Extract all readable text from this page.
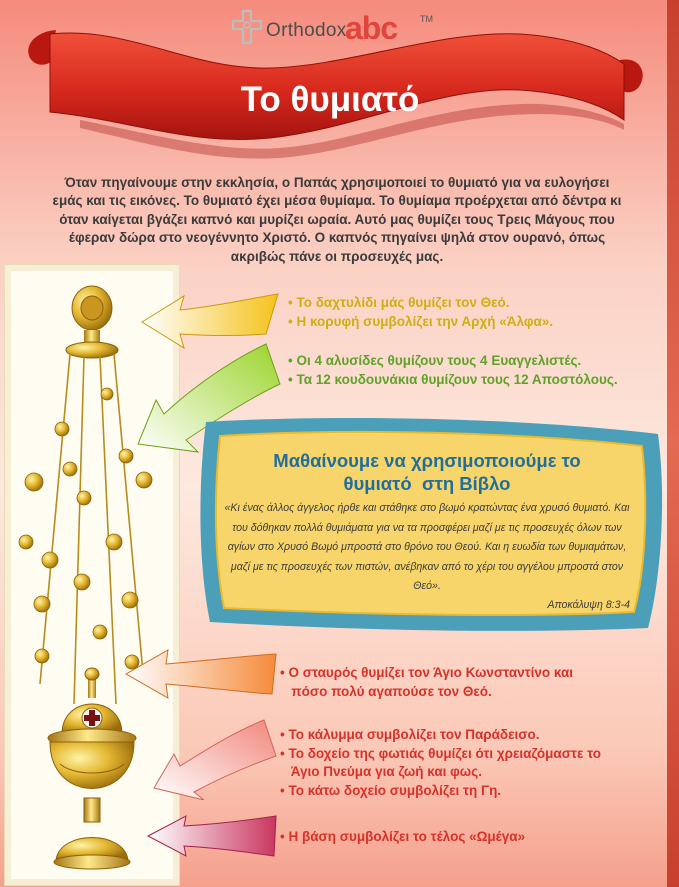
Orthodox
abc	TM
Το θυμιατό
Όταν πηγαίνουμε στην εκκλησία, ο Παπάς χρησιμοποιεί το θυμιατό για να ευλογήσει εμάς και τις εικόνες. Το θυμιατό έχει μέσα θυμίαμα. Το θυμίαμα προέρχεται από δέντρα κι όταν καίγεται βγάζει καπνό και μυρίζει ωραία. Αυτό μας θυμίζει τους Τρεις Μάγους που έφεραν δώρα στο νεογέννητο Χριστό. Ο καπνός πηγαίνει ψηλά στον ουρανό, όπως ακριβώς πάνε οι προσευχές μας.
• Το δαχτυλίδι μάς θυμίζει τον Θεό.
• Η κορυφή συμβολίζει την Αρχή «Άλφα».
• Οι 4 αλυσίδες θυμίζουν τους 4 Ευαγγελιστές.
• Τα 12 κουδουνάκια θυμίζουν τους 12 Αποστόλους.
• Ο σταυρός θυμίζει τον Άγιο Κωνσταντίνο και
πόσο πολύ αγαπούσε τον Θεό.
• Το κάλυμμα συμβολίζει τον Παράδεισο.
• Το δοχείο της φωτιάς θυμίζει ότι χρειαζόμαστε το
Άγιο Πνεύμα για ζωή και φως.
• Το κάτω δοχείο συμβολίζει τη Γη.
• Η βάση συμβολίζει το τέλος «Ωμέγα»
Μαθαίνουμε να χρησιμοποιούμε το
θυμιατό  στη Βίβλο
«Κι ένας άλλος άγγελος ήρθε και στάθηκε στο βωμό κρατώντας ένα χρυσό θυμιατό. Και του δόθηκαν πολλά θυμιάματα για να τα προσφέρει μαζί με τις προσευχές όλων των αγίων στο Χρυσό Βωμό μπροστά στο θρόνο του Θεού. Και η ευωδία των θυμιαμάτων, μαζί με τις προσευχές των πιστών, ανέβηκαν από το χέρι του αγγέλου μπροστά στον Θεό».
Αποκάλυψη 8:3-4
